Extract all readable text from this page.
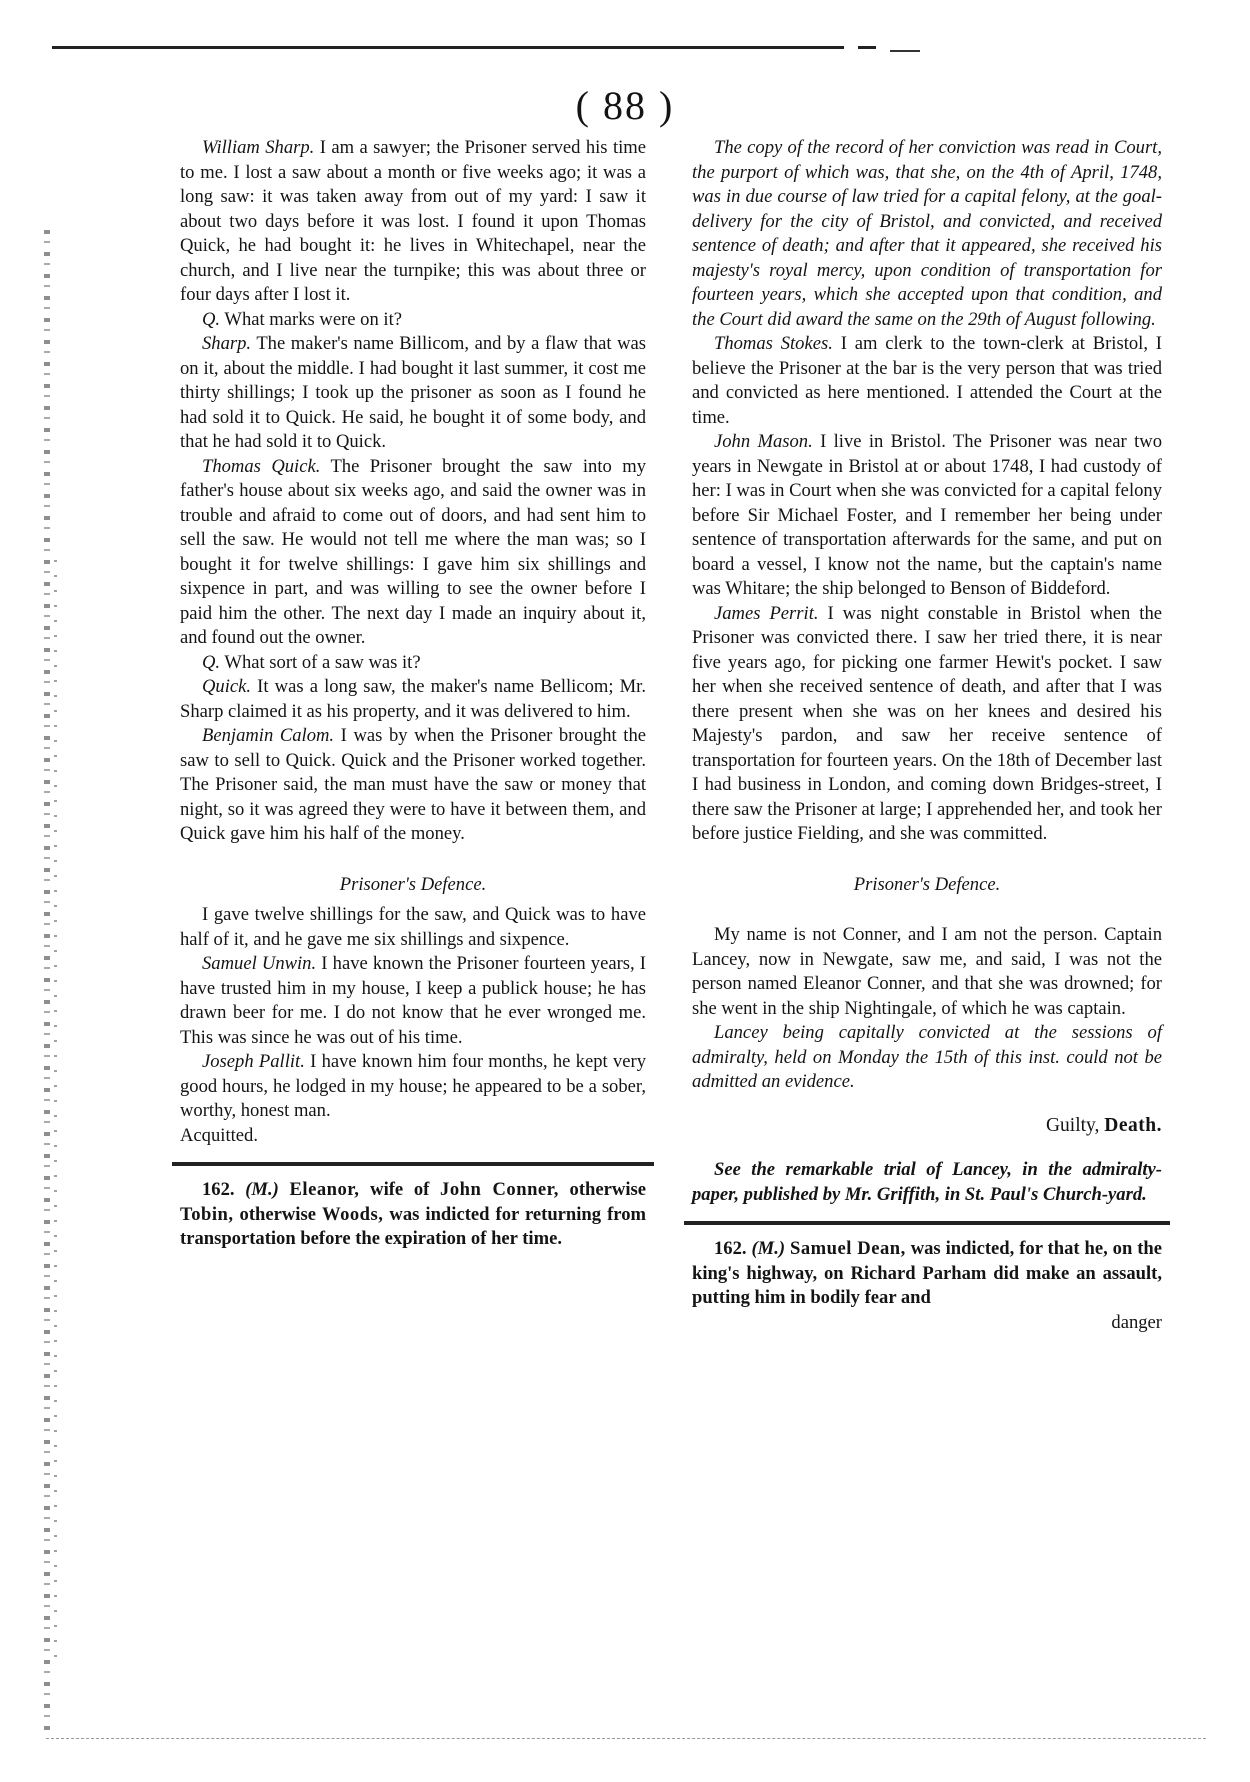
( 88 )

William Sharp. I am a sawyer; the Prisoner served his time to me. I lost a saw about a month or five weeks ago; it was a long saw: it was taken away from out of my yard: I saw it about two days before it was lost. I found it upon Thomas Quick, he had bought it: he lives in Whitechapel, near the church, and I live near the turnpike; this was about three or four days after I lost it.

Q. What marks were on it?

Sharp. The maker's name Billicom, and by a flaw that was on it, about the middle. I had bought it last summer, it cost me thirty shillings; I took up the prisoner as soon as I found he had sold it to Quick. He said, he bought it of some body, and that he had sold it to Quick.

Thomas Quick. The Prisoner brought the saw into my father's house about six weeks ago, and said the owner was in trouble and afraid to come out of doors, and had sent him to sell the saw. He would not tell me where the man was; so I bought it for twelve shillings: I gave him six shillings and sixpence in part, and was willing to see the owner before I paid him the other. The next day I made an inquiry about it, and found out the owner.

Q. What sort of a saw was it?

Quick. It was a long saw, the maker's name Bellicom; Mr. Sharp claimed it as his property, and it was delivered to him.

Benjamin Calom. I was by when the Prisoner brought the saw to sell to Quick. Quick and the Prisoner worked together. The Prisoner said, the man must have the saw or money that night, so it was agreed they were to have it between them, and Quick gave him his half of the money.

Prisoner's Defence.

I gave twelve shillings for the saw, and Quick was to have half of it, and he gave me six shillings and sixpence.

Samuel Unwin. I have known the Prisoner fourteen years, I have trusted him in my house, I keep a publick house; he has drawn beer for me. I do not know that he ever wronged me. This was since he was out of his time.

Joseph Pallit. I have known him four months, he kept very good hours, he lodged in my house; he appeared to be a sober, worthy, honest man.

Acquitted.

162. (M.) Eleanor, wife of John Conner, otherwise Tobin, otherwise Woods, was indicted for returning from transportation before the expiration of her time.

The copy of the record of her conviction was read in Court, the purport of which was, that she, on the 4th of April, 1748, was in due course of law tried for a capital felony, at the goal-delivery for the city of Bristol, and convicted, and received sentence of death; and after that it appeared, she received his majesty's royal mercy, upon condition of transportation for fourteen years, which she accepted upon that condition, and the Court did award the same on the 29th of August following.

Thomas Stokes. I am clerk to the town-clerk at Bristol, I believe the Prisoner at the bar is the very person that was tried and convicted as here mentioned. I attended the Court at the time.

John Mason. I live in Bristol. The Prisoner was near two years in Newgate in Bristol at or about 1748, I had custody of her: I was in Court when she was convicted for a capital felony before Sir Michael Foster, and I remember her being under sentence of transportation afterwards for the same, and put on board a vessel, I know not the name, but the captain's name was Whitare; the ship belonged to Benson of Biddeford.

James Perrit. I was night constable in Bristol when the Prisoner was convicted there. I saw her tried there, it is near five years ago, for picking one farmer Hewit's pocket. I saw her when she received sentence of death, and after that I was there present when she was on her knees and desired his Majesty's pardon, and saw her receive sentence of transportation for fourteen years. On the 18th of December last I had business in London, and coming down Bridges-street, I there saw the Prisoner at large; I apprehended her, and took her before justice Fielding, and she was committed.

Prisoner's Defence.

My name is not Conner, and I am not the person. Captain Lancey, now in Newgate, saw me, and said, I was not the person named Eleanor Conner, and that she was drowned; for she went in the ship Nightingale, of which he was captain.

Lancey being capitally convicted at the sessions of admiralty, held on Monday the 15th of this inst. could not be admitted an evidence.

Guilty, Death.

See the remarkable trial of Lancey, in the admiralty-paper, published by Mr. Griffith, in St. Paul's Church-yard.

162. (M.) Samuel Dean, was indicted, for that he, on the king's highway, on Richard Parham did make an assault, putting him in bodily fear and

danger
